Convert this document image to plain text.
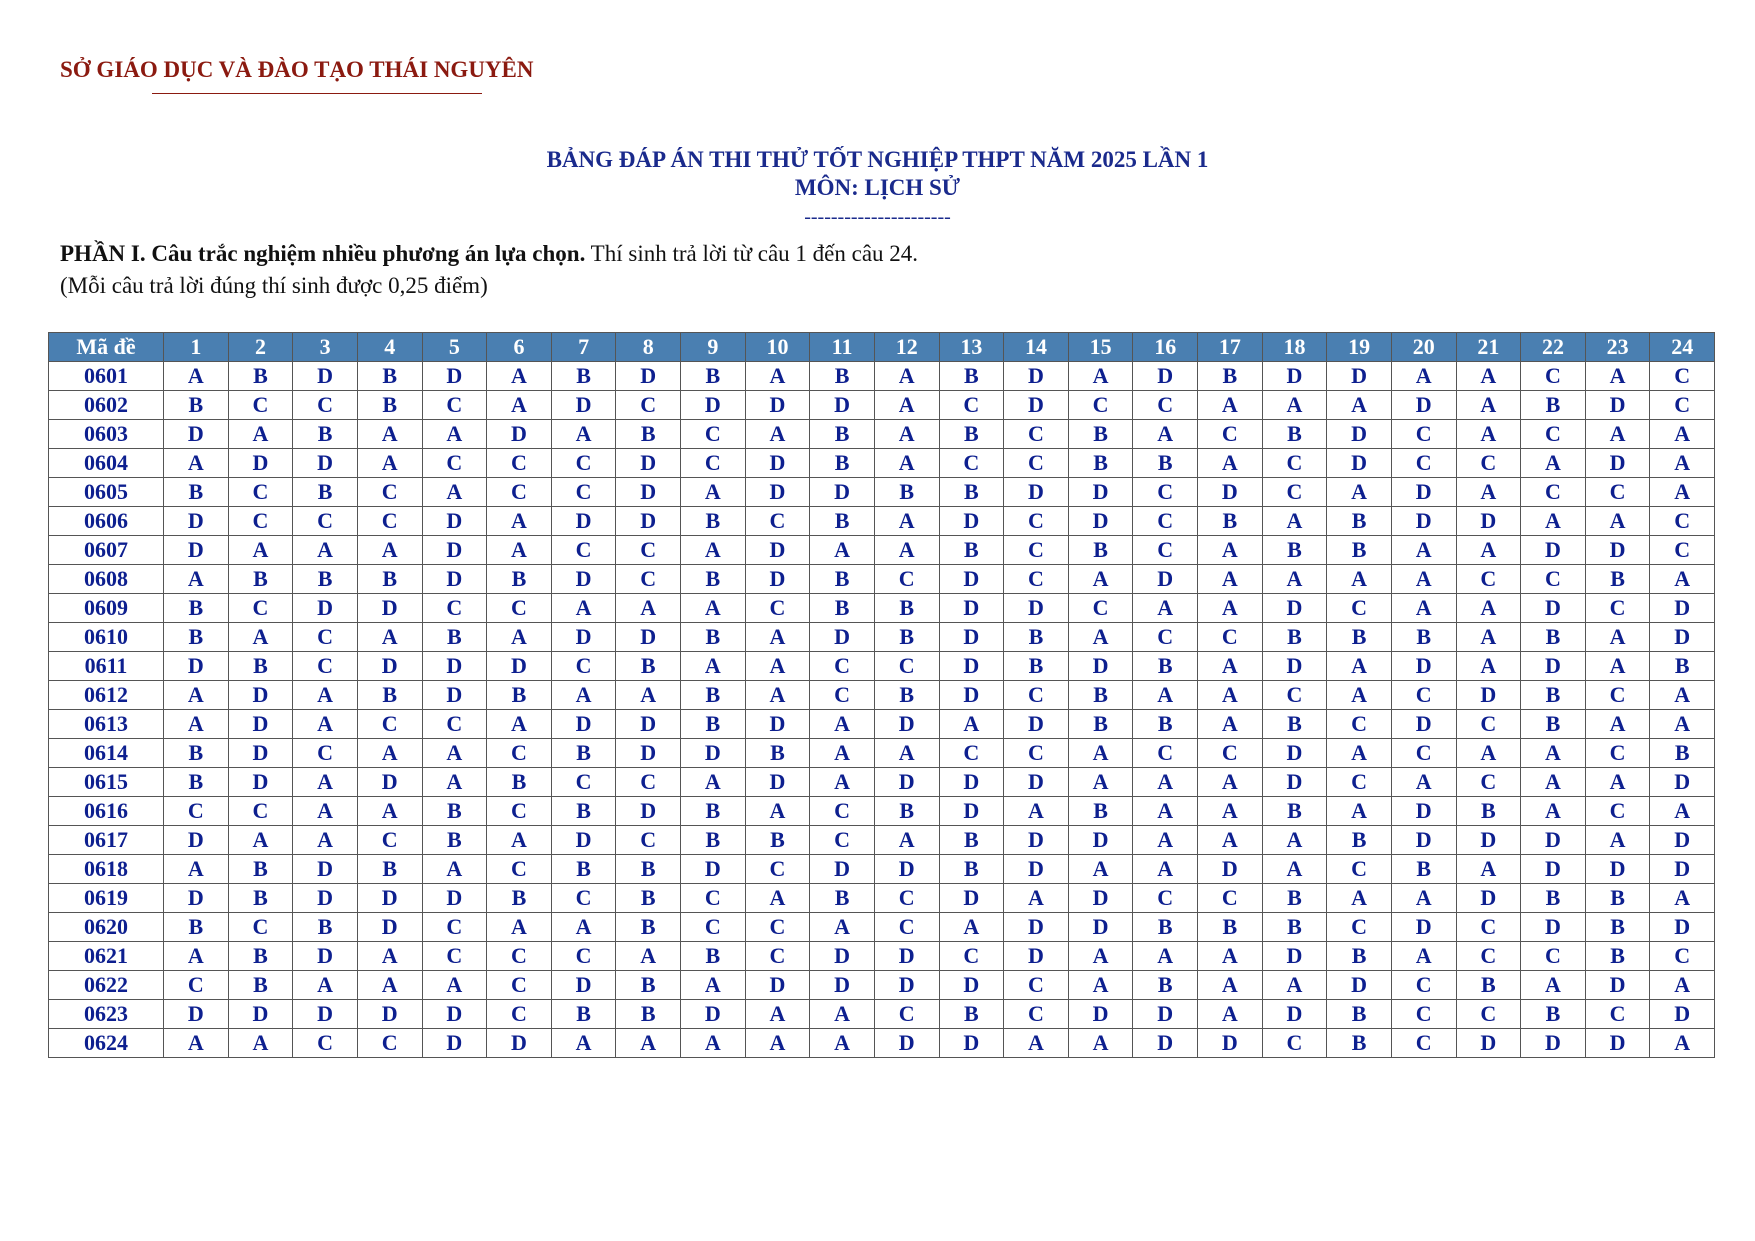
SỞ GIÁO DỤC VÀ ĐÀO TẠO THÁI NGUYÊN
BẢNG ĐÁP ÁN THI THỬ TỐT NGHIỆP THPT NĂM 2025 LẦN 1
MÔN: LỊCH SỬ
----------------------
PHẦN I. Câu trắc nghiệm nhiều phương án lựa chọn. Thí sinh trả lời từ câu 1 đến câu 24.
(Mỗi câu trả lời đúng thí sinh được 0,25 điểm)
Mã đề	1	2	3	4	5	6	7	8	9	10	11	12	13	14	15	16	17	18	19	20	21	22	23	24
0601	A	B	D	B	D	A	B	D	B	A	B	A	B	D	A	D	B	D	D	A	A	C	A	C
0602	B	C	C	B	C	A	D	C	D	D	D	A	C	D	C	C	A	A	A	D	A	B	D	C
0603	D	A	B	A	A	D	A	B	C	A	B	A	B	C	B	A	C	B	D	C	A	C	A	A
0604	A	D	D	A	C	C	C	D	C	D	B	A	C	C	B	B	A	C	D	C	C	A	D	A
0605	B	C	B	C	A	C	C	D	A	D	D	B	B	D	D	C	D	C	A	D	A	C	C	A
0606	D	C	C	C	D	A	D	D	B	C	B	A	D	C	D	C	B	A	B	D	D	A	A	C
0607	D	A	A	A	D	A	C	C	A	D	A	A	B	C	B	C	A	B	B	A	A	D	D	C
0608	A	B	B	B	D	B	D	C	B	D	B	C	D	C	A	D	A	A	A	A	C	C	B	A
0609	B	C	D	D	C	C	A	A	A	C	B	B	D	D	C	A	A	D	C	A	A	D	C	D
0610	B	A	C	A	B	A	D	D	B	A	D	B	D	B	A	C	C	B	B	B	A	B	A	D
0611	D	B	C	D	D	D	C	B	A	A	C	C	D	B	D	B	A	D	A	D	A	D	A	B
0612	A	D	A	B	D	B	A	A	B	A	C	B	D	C	B	A	A	C	A	C	D	B	C	A
0613	A	D	A	C	C	A	D	D	B	D	A	D	A	D	B	B	A	B	C	D	C	B	A	A
0614	B	D	C	A	A	C	B	D	D	B	A	A	C	C	A	C	C	D	A	C	A	A	C	B
0615	B	D	A	D	A	B	C	C	A	D	A	D	D	D	A	A	A	D	C	A	C	A	A	D
0616	C	C	A	A	B	C	B	D	B	A	C	B	D	A	B	A	A	B	A	D	B	A	C	A
0617	D	A	A	C	B	A	D	C	B	B	C	A	B	D	D	A	A	A	B	D	D	D	A	D
0618	A	B	D	B	A	C	B	B	D	C	D	D	B	D	A	A	D	A	C	B	A	D	D	D
0619	D	B	D	D	D	B	C	B	C	A	B	C	D	A	D	C	C	B	A	A	D	B	B	A
0620	B	C	B	D	C	A	A	B	C	C	A	C	A	D	D	B	B	B	C	D	C	D	B	D
0621	A	B	D	A	C	C	C	A	B	C	D	D	C	D	A	A	A	D	B	A	C	C	B	C
0622	C	B	A	A	A	C	D	B	A	D	D	D	D	C	A	B	A	A	D	C	B	A	D	A
0623	D	D	D	D	D	C	B	B	D	A	A	C	B	C	D	D	A	D	B	C	C	B	C	D
0624	A	A	C	C	D	D	A	A	A	A	A	D	D	A	A	D	D	C	B	C	D	D	D	A
